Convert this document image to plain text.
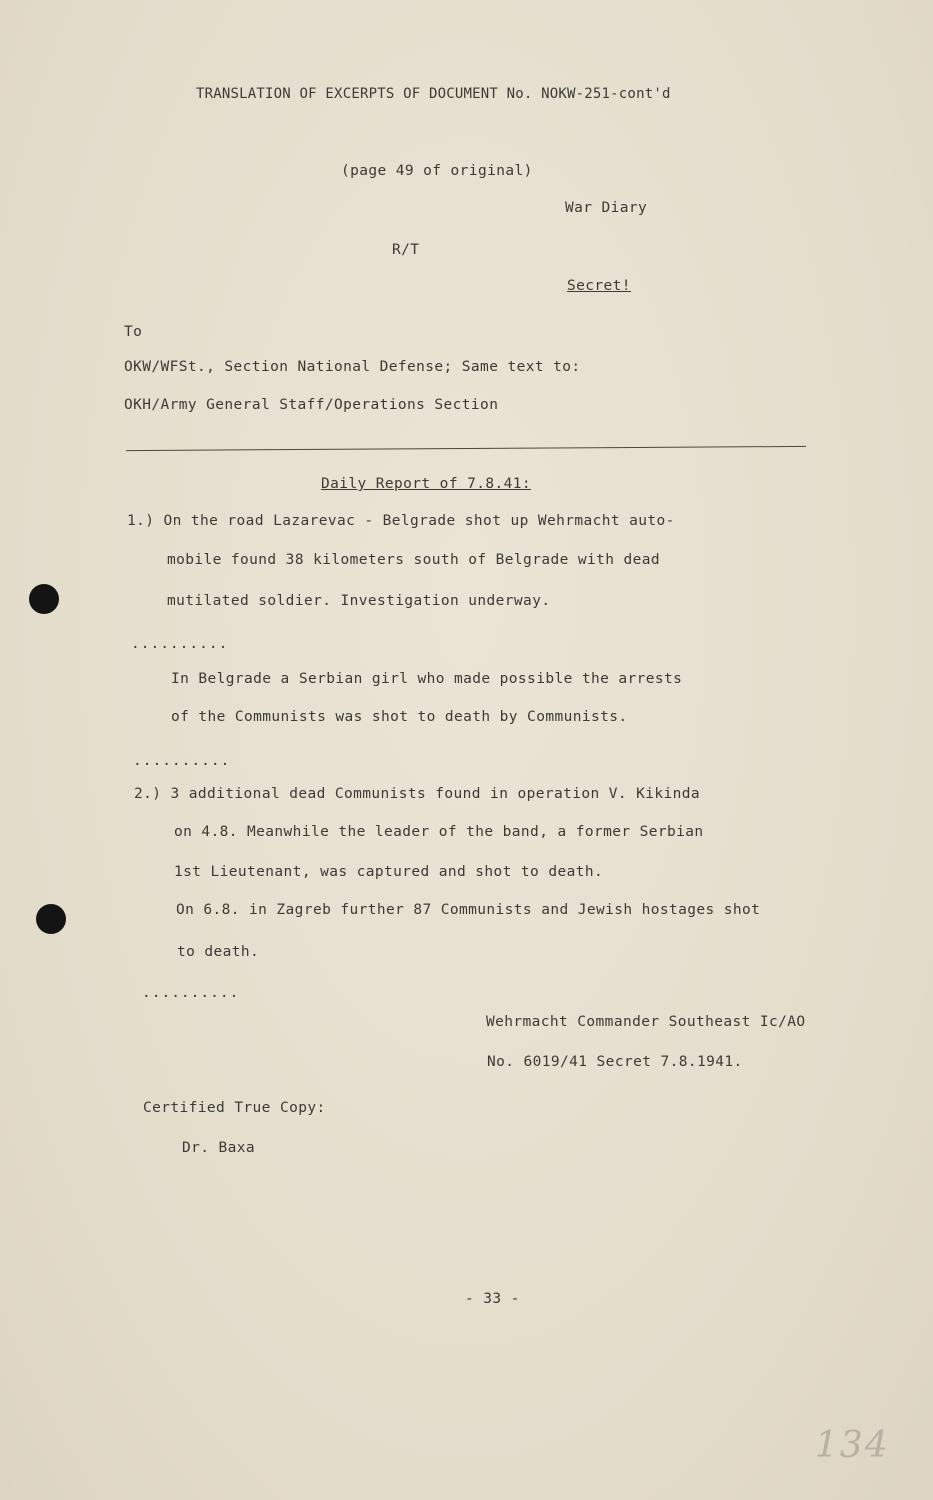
TRANSLATION OF EXCERPTS OF DOCUMENT No. NOKW-251-cont'd
(page 49 of original)
War Diary
R/T
Secret!
To
OKW/WFSt., Section National Defense; Same text to:
OKH/Army General Staff/Operations Section
Daily Report of 7.8.41:
1.) On the road Lazarevac - Belgrade shot up Wehrmacht auto-
mobile found 38 kilometers south of Belgrade with dead
mutilated soldier. Investigation underway.
..........
In Belgrade a Serbian girl who made possible the arrests
of the Communists was shot to death by Communists.
..........
2.) 3 additional dead Communists found in operation V. Kikinda
on 4.8. Meanwhile the leader of the band, a former Serbian
1st Lieutenant, was captured and shot to death.
On 6.8. in Zagreb further 87 Communists and Jewish hostages shot
to death.
..........
Wehrmacht Commander Southeast Ic/AO
No. 6019/41 Secret 7.8.1941.
Certified True Copy:
Dr. Baxa
- 33 -
134
